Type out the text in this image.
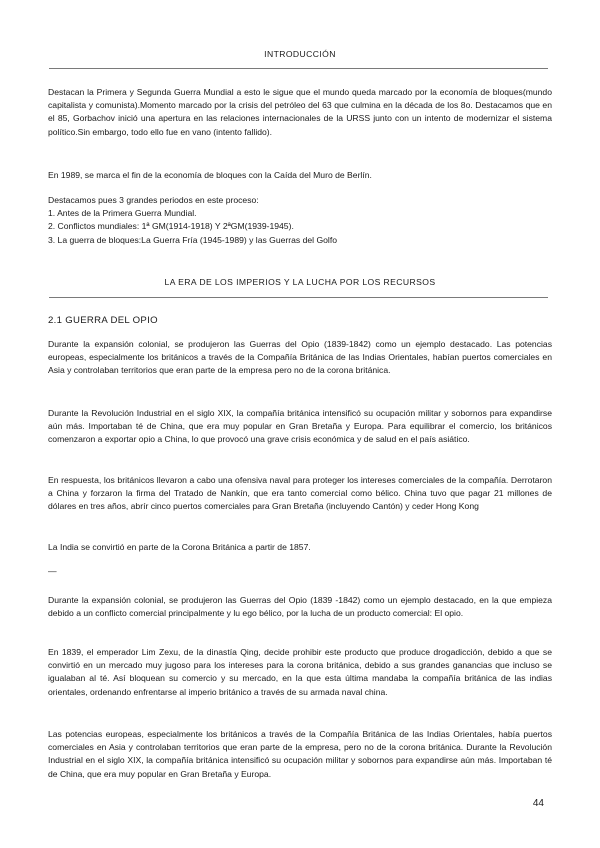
INTRODUCCIÓN

Destacan la Primera y Segunda Guerra Mundial a esto le sigue que el mundo queda marcado por la economía de bloques(mundo capitalista y comunista).Momento marcado por la crisis del petróleo del 63 que culmina en la década de los 8o. Destacamos que en el 85, Gorbachov inició una apertura en las relaciones internacionales de la URSS junto con un intento de modernizar el sistema político.Sin embargo, todo ello fue en vano (intento fallido).

En 1989, se marca el fin de la economía de bloques con la Caída del Muro de Berlín.

Destacamos pues 3 grandes periodos en este proceso:
1. Antes de la Primera Guerra Mundial.
2. Conflictos mundiales: 1ª GM(1914-1918) Y 2ªGM(1939-1945).
3. La guerra de bloques:La Guerra Fría (1945-1989) y las Guerras del Golfo
LA ERA DE LOS IMPERIOS Y LA LUCHA POR LOS RECURSOS
2.1 GUERRA DEL OPIO

Durante la expansión colonial, se produjeron las Guerras del Opio (1839-1842) como un ejemplo destacado. Las potencias europeas, especialmente los británicos a través de la Compañía Británica de las Indias Orientales, habían puertos comerciales en Asia y controlaban territorios que eran parte de la empresa pero no de la corona británica.

Durante la Revolución Industrial en el siglo XIX, la compañía británica intensificó su ocupación militar y sobornos para expandirse aún más. Importaban té de China, que era muy popular en Gran Bretaña y Europa. Para equilibrar el comercio, los británicos comenzaron a exportar opio a China, lo que provocó una grave crisis económica y de salud en el país asiático.

En respuesta, los británicos llevaron a cabo una ofensiva naval para proteger los intereses comerciales de la compañía. Derrotaron a China y forzaron la firma del Tratado de Nankín, que era tanto comercial como bélico. China tuvo que pagar 21 millones de dólares en tres años, abrír cinco puertos comerciales para Gran Bretaña (incluyendo Cantón) y ceder Hong Kong

La India se convirtió en parte de la Corona Británica a partir de 1857.

—

Durante la expansión colonial, se produjeron las Guerras del Opio (1839 -1842) como un ejemplo destacado, en la que empieza debido a un conflicto comercial principalmente y lu ego bélico, por la lucha de un producto comercial: El opio.

En 1839, el emperador Lim Zexu, de la dinastía Qing, decide prohibir este producto que produce drogadicción, debido a que se convirtió en un mercado muy jugoso para los intereses para la corona británica, debido a sus grandes ganancias que incluso se igualaban al té. Así bloquean su comercio y su mercado, en la que esta última mandaba la compañía británica de las indias orientales, ordenando enfrentarse al imperio británico a través de su armada naval china.

Las potencias europeas, especialmente los británicos a través de la Compañía Británica de las Indias Orientales, había puertos comerciales en Asia y controlaban territorios que eran parte de la empresa, pero no de la corona británica. Durante la Revolución Industrial en el siglo XIX, la compañía británica intensificó su ocupación militar y sobornos para expandirse aún más. Importaban té de China, que era muy popular en Gran Bretaña y Europa.

44
